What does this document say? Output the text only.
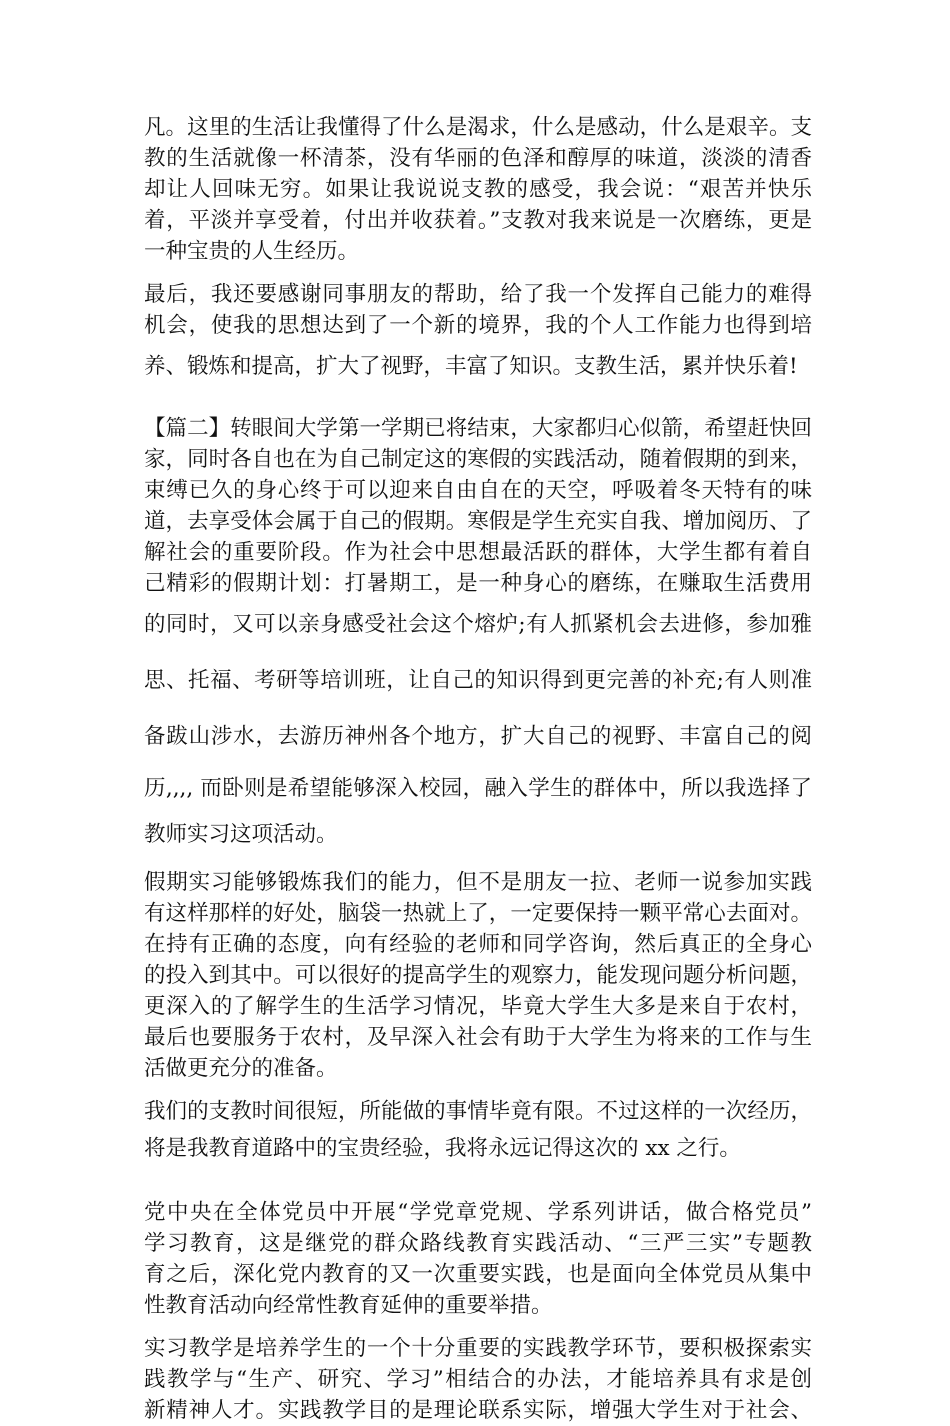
凡。这里的生活让我懂得了什么是渴求，什么是感动，什么是艰辛。支
教的生活就像一杯清茶，没有华丽的色泽和醇厚的味道，淡淡的清香
却让人回味无穷。如果让我说说支教的感受，我会说：“艰苦并快乐
着，平淡并享受着，付出并收获着。”支教对我来说是一次磨练，更是
一种宝贵的人生经历。
最后，我还要感谢同事朋友的帮助，给了我一个发挥自己能力的难得
机会，使我的思想达到了一个新的境界，我的个人工作能力也得到培
养、锻炼和提高，扩大了视野，丰富了知识。支教生活，累并快乐着!
【篇二】转眼间大学第一学期已将结束，大家都归心似箭，希望赶快回
家，同时各自也在为自己制定这的寒假的实践活动，随着假期的到来，
束缚已久的身心终于可以迎来自由自在的天空，呼吸着冬天特有的味
道，去享受体会属于自己的假期。寒假是学生充实自我、增加阅历、了
解社会的重要阶段。作为社会中思想最活跃的群体，大学生都有着自
己精彩的假期计划：打暑期工，是一种身心的磨练，在赚取生活费用
的同时，又可以亲身感受社会这个熔炉;有人抓紧机会去进修，参加雅
思、托福、考研等培训班，让自己的知识得到更完善的补充;有人则准
备跋山涉水，去游历神州各个地方，扩大自己的视野、丰富自己的阅
历,,,, 而卧则是希望能够深入校园，融入学生的群体中，所以我选择了
教师实习这项活动。
假期实习能够锻炼我们的能力，但不是朋友一拉、老师一说参加实践
有这样那样的好处，脑袋一热就上了，一定要保持一颗平常心去面对。
在持有正确的态度，向有经验的老师和同学咨询，然后真正的全身心
的投入到其中。可以很好的提高学生的观察力，能发现问题分析问题，
更深入的了解学生的生活学习情况，毕竟大学生大多是来自于农村，
最后也要服务于农村，及早深入社会有助于大学生为将来的工作与生
活做更充分的准备。
我们的支教时间很短，所能做的事情毕竟有限。不过这样的一次经历，
将是我教育道路中的宝贵经验，我将永远记得这次的 xx 之行。
党中央在全体党员中开展“学党章党规、学系列讲话，做合格党员”
学习教育，这是继党的群众路线教育实践活动、“三严三实”专题教
育之后，深化党内教育的又一次重要实践，也是面向全体党员从集中
性教育活动向经常性教育延伸的重要举措。
实习教学是培养学生的一个十分重要的实践教学环节，要积极探索实
践教学与“生产、研究、学习”相结合的办法，才能培养具有求是创
新精神人才。实践教学目的是理论联系实际，增强大学生对于社会、
